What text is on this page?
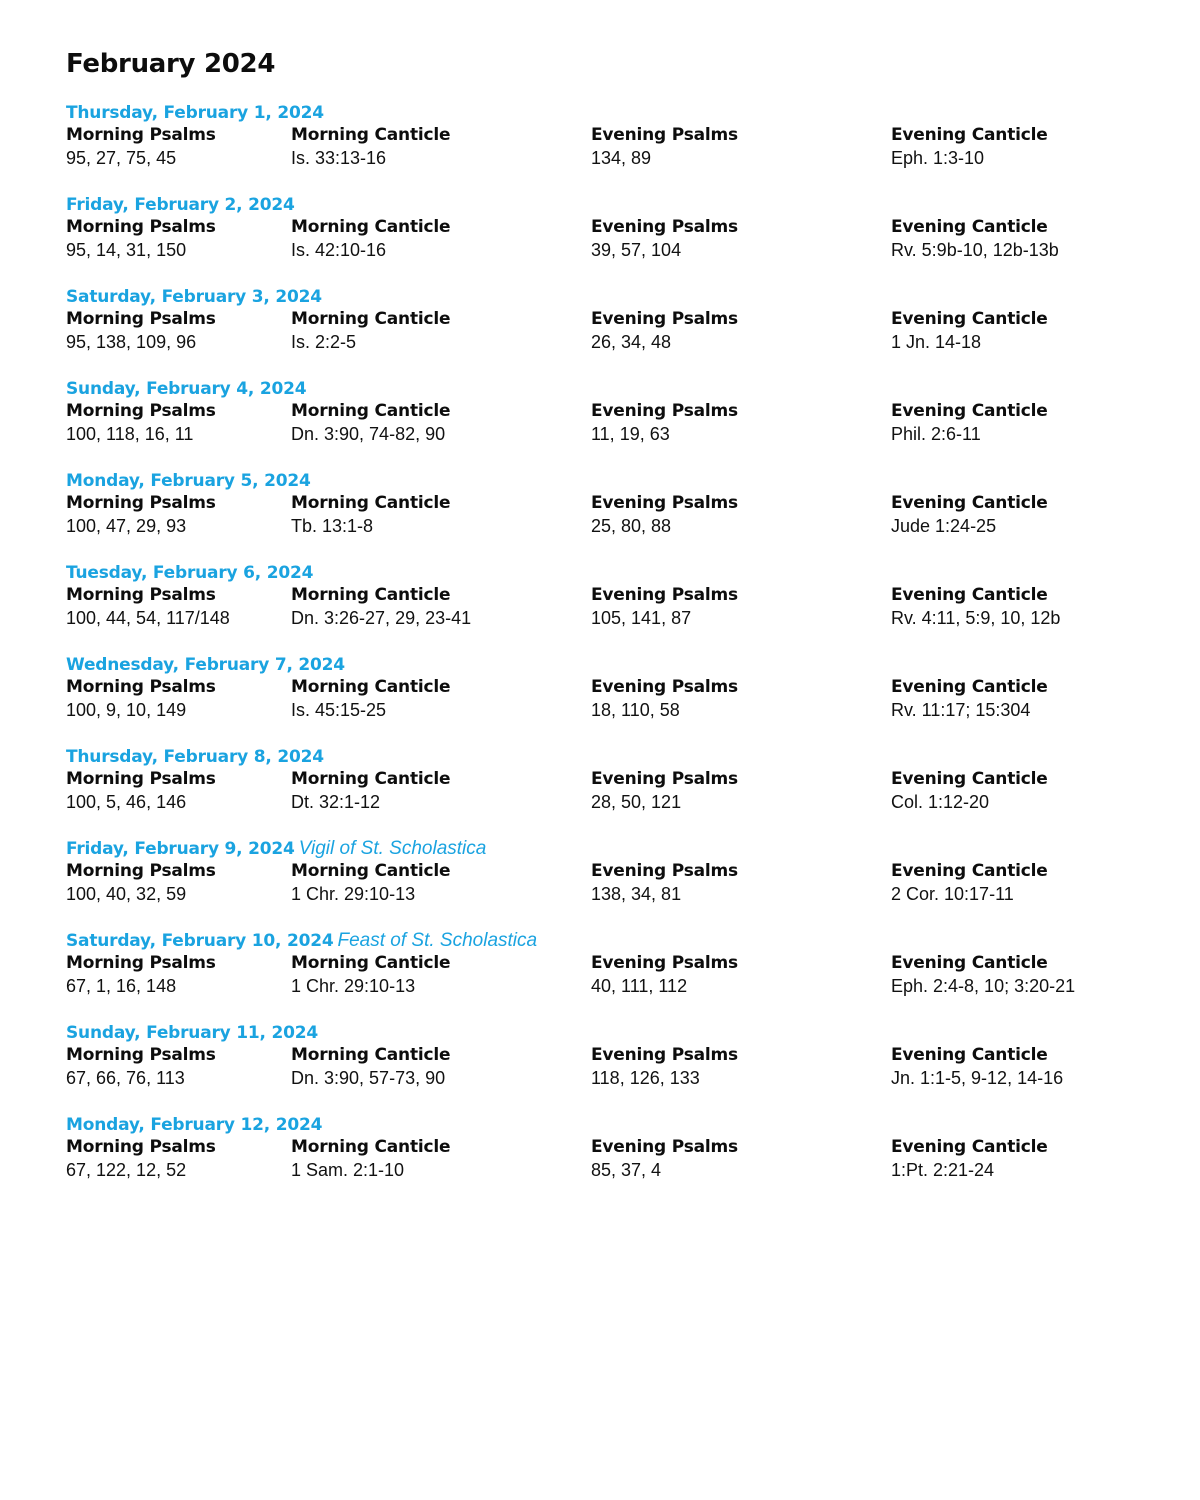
February 2024
Thursday, February 1, 2024
Morning Psalms
95, 27, 75, 45
Morning Canticle
Is. 33:13-16
Evening Psalms
134, 89
Evening Canticle
Eph. 1:3-10
Friday, February 2, 2024
Morning Psalms
95, 14, 31, 150
Morning Canticle
Is. 42:10-16
Evening Psalms
39, 57, 104
Evening Canticle
Rv. 5:9b-10, 12b-13b
Saturday, February 3, 2024
Morning Psalms
95, 138, 109, 96
Morning Canticle
Is. 2:2-5
Evening Psalms
26, 34, 48
Evening Canticle
1 Jn. 14-18
Sunday, February 4, 2024
Morning Psalms
100, 118, 16, 11
Morning Canticle
Dn. 3:90, 74-82, 90
Evening Psalms
11, 19, 63
Evening Canticle
Phil. 2:6-11
Monday, February 5, 2024
Morning Psalms
100, 47, 29, 93
Morning Canticle
Tb. 13:1-8
Evening Psalms
25, 80, 88
Evening Canticle
Jude 1:24-25
Tuesday, February 6, 2024
Morning Psalms
100, 44, 54, 117/148
Morning Canticle
Dn. 3:26-27, 29, 23-41
Evening Psalms
105, 141, 87
Evening Canticle
Rv. 4:11, 5:9, 10, 12b
Wednesday, February 7, 2024
Morning Psalms
100, 9, 10, 149
Morning Canticle
Is. 45:15-25
Evening Psalms
18, 110, 58
Evening Canticle
Rv. 11:17; 15:304
Thursday, February 8, 2024
Morning Psalms
100, 5, 46, 146
Morning Canticle
Dt. 32:1-12
Evening Psalms
28, 50, 121
Evening Canticle
Col. 1:12-20
Friday, February 9, 2024 Vigil of St. Scholastica
Morning Psalms
100, 40, 32, 59
Morning Canticle
1 Chr. 29:10-13
Evening Psalms
138, 34, 81
Evening Canticle
2 Cor. 10:17-11
Saturday, February 10, 2024 Feast of St. Scholastica
Morning Psalms
67, 1, 16, 148
Morning Canticle
1 Chr. 29:10-13
Evening Psalms
40, 111, 112
Evening Canticle
Eph. 2:4-8, 10; 3:20-21
Sunday, February 11, 2024
Morning Psalms
67, 66, 76, 113
Morning Canticle
Dn. 3:90, 57-73, 90
Evening Psalms
118, 126, 133
Evening Canticle
Jn. 1:1-5, 9-12, 14-16
Monday, February 12, 2024
Morning Psalms
67, 122, 12, 52
Morning Canticle
1 Sam. 2:1-10
Evening Psalms
85, 37, 4
Evening Canticle
1:Pt. 2:21-24
